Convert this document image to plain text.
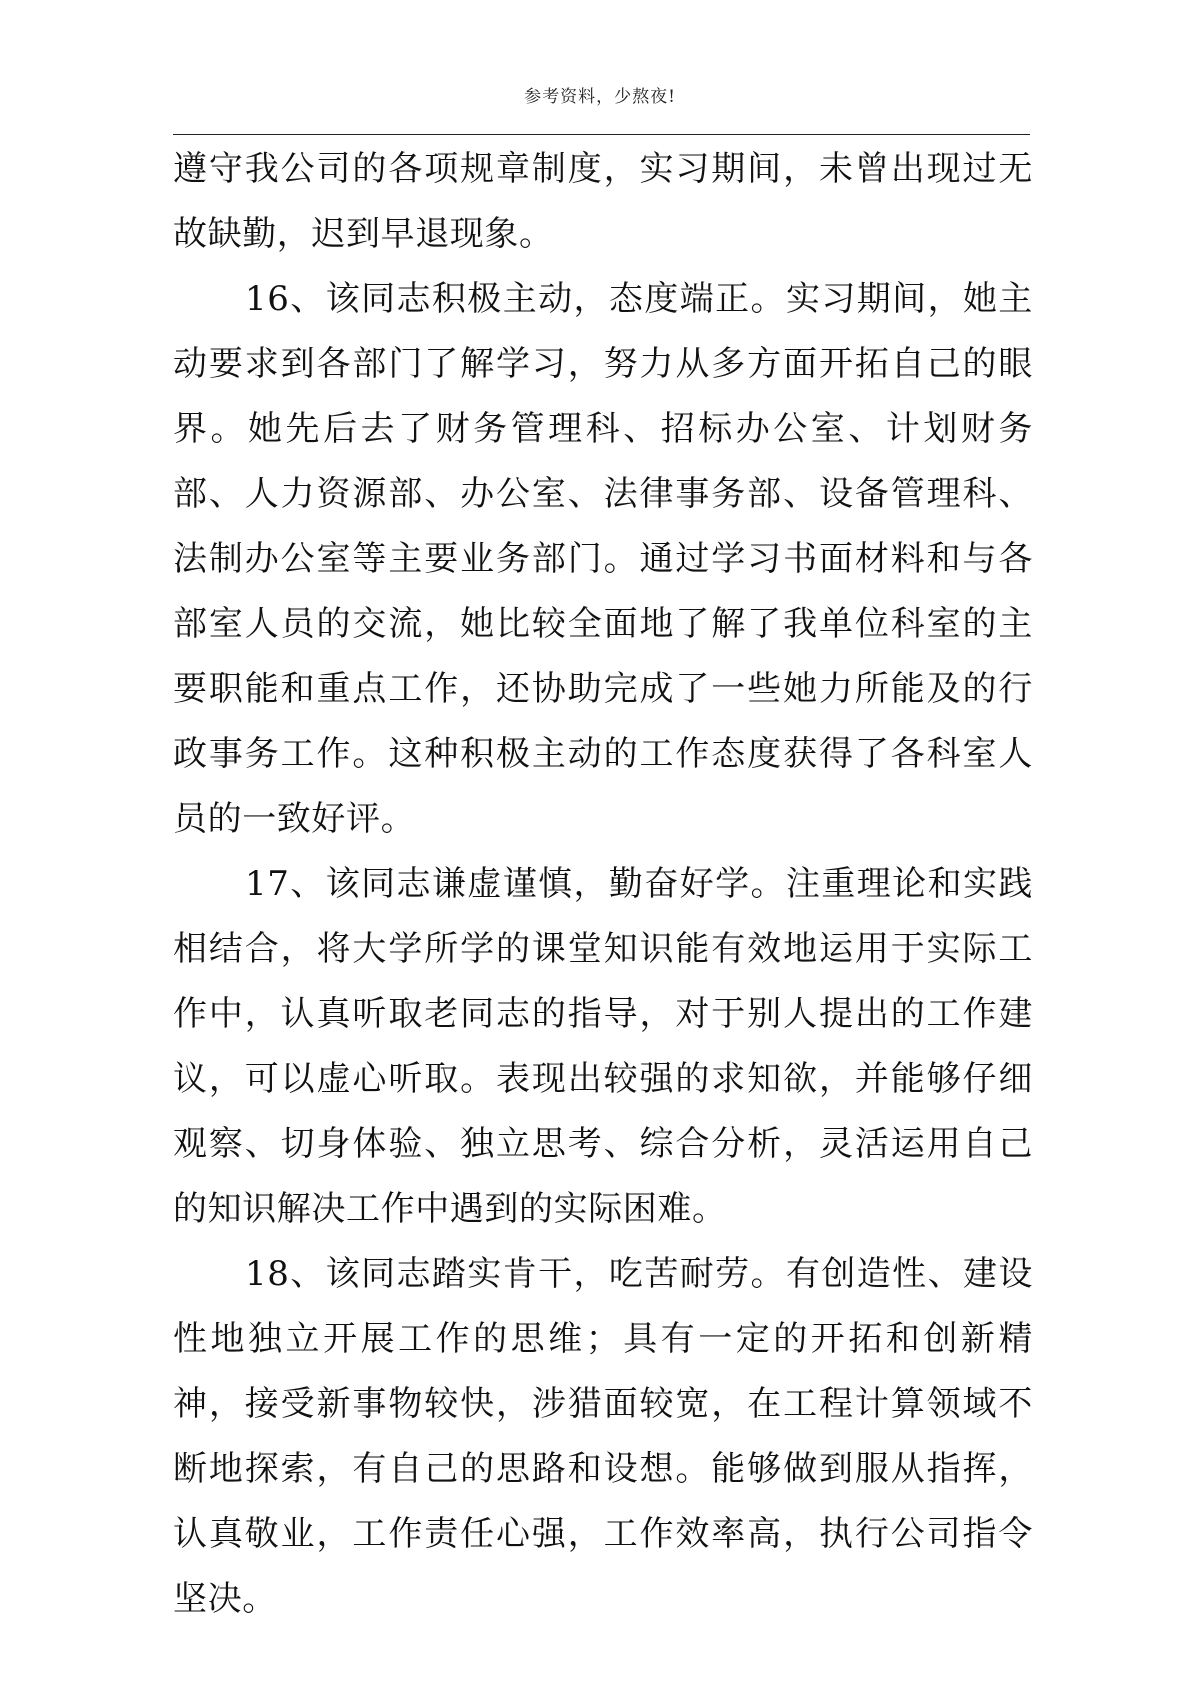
参考资料，少熬夜!

遵守我公司的各项规章制度，实习期间，未曾出现过无故缺勤，迟到早退现象。

16、该同志积极主动，态度端正。实习期间，她主动要求到各部门了解学习，努力从多方面开拓自己的眼界。她先后去了财务管理科、招标办公室、计划财务部、人力资源部、办公室、法律事务部、设备管理科、法制办公室等主要业务部门。通过学习书面材料和与各部室人员的交流，她比较全面地了解了我单位科室的主要职能和重点工作，还协助完成了一些她力所能及的行政事务工作。这种积极主动的工作态度获得了各科室人员的一致好评。

17、该同志谦虚谨慎，勤奋好学。注重理论和实践相结合，将大学所学的课堂知识能有效地运用于实际工作中，认真听取老同志的指导，对于别人提出的工作建议，可以虚心听取。表现出较强的求知欲，并能够仔细观察、切身体验、独立思考、综合分析，灵活运用自己的知识解决工作中遇到的实际困难。

18、该同志踏实肯干，吃苦耐劳。有创造性、建设性地独立开展工作的思维；具有一定的开拓和创新精神，接受新事物较快，涉猎面较宽，在工程计算领域不断地探索，有自己的思路和设想。能够做到服从指挥，认真敬业，工作责任心强，工作效率高，执行公司指令坚决。
